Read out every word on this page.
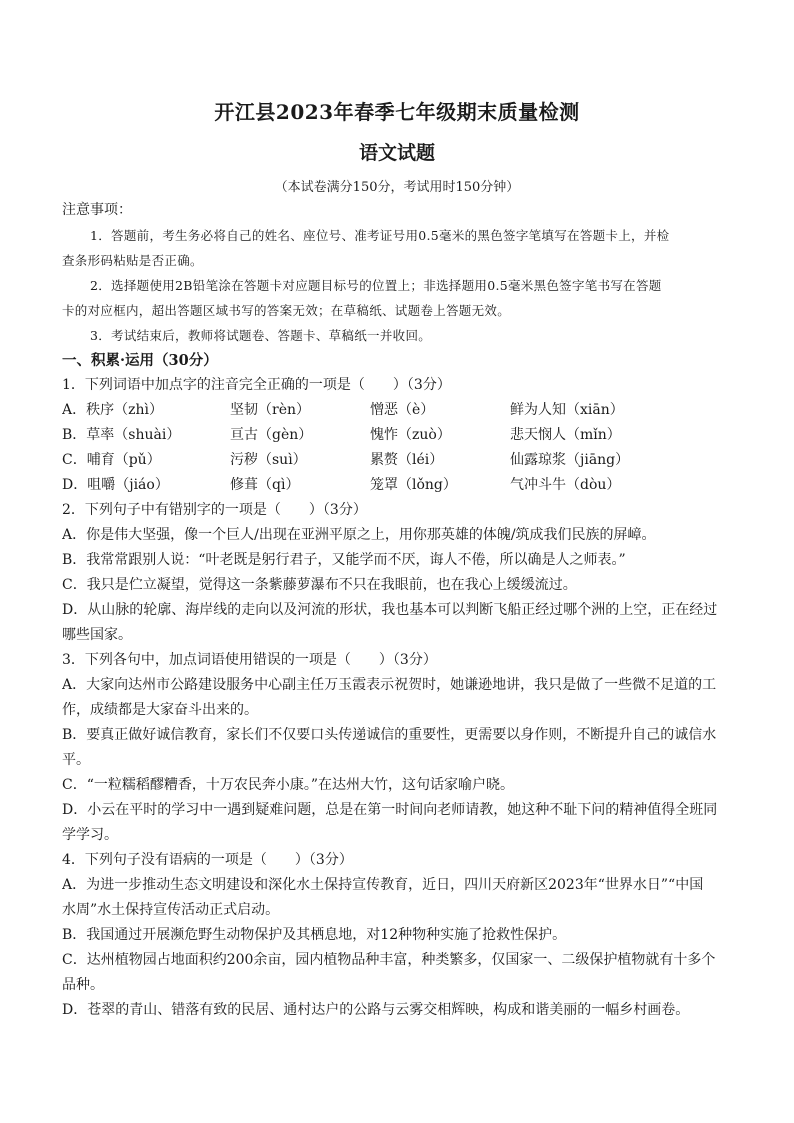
开江县2023年春季七年级期末质量检测
语文试题
（本试卷满分150分，考试用时150分钟）
注意事项：
1．答题前，考生务必将自己的姓名、座位号、准考证号用0.5毫米的黑色签字笔填写在答题卡上，并检
查条形码粘贴是否正确。
2．选择题使用2B铅笔涂在答题卡对应题目标号的位置上；非选择题用0.5毫米黑色签字笔书写在答题
卡的对应框内，超出答题区域书写的答案无效；在草稿纸、试题卷上答题无效。
3．考试结束后，教师将试题卷、答题卡、草稿纸一并收回。
一、积累·运用（30分）
1．下列词语中加点字的注音完全正确的一项是（　　）（3分）
A．秩序（zhì）	坚韧（rèn）	憎恶（è）	鲜为人知（xiān）
B．草率（shuài）	亘古（gèn）	愧怍（zuò）	悲天悯人（mǐn）
C．哺育（pǔ）	污秽（suì）	累赘（léi）	仙露琼浆（jiāng）
D．咀嚼（jiáo）	修葺（qì）	笼罩（lǒng）	气冲斗牛（dòu）
2．下列句子中有错别字的一项是（　　）（3分）
A．你是伟大坚强，像一个巨人/出现在亚洲平原之上，用你那英雄的体魄/筑成我们民族的屏嶂。
B．我常常跟别人说：“叶老既是躬行君子，又能学而不厌，诲人不倦，所以确是人之师表。”
C．我只是伫立凝望，觉得这一条紫藤萝瀑布不只在我眼前，也在我心上缓缓流过。
D．从山脉的轮廓、海岸线的走向以及河流的形状，我也基本可以判断飞船正经过哪个洲的上空，正在经过
哪些国家。
3．下列各句中，加点词语使用错误的一项是（　　）（3分）
A．大家向达州市公路建设服务中心副主任万玉霞表示祝贺时，她谦逊地讲，我只是做了一些微不足道的工
作，成绩都是大家奋斗出来的。
B．要真正做好诚信教育，家长们不仅要口头传递诚信的重要性，更需要以身作则，不断提升自己的诚信水
平。
C．“一粒糯稻醪糟香，十万农民奔小康。”在达州大竹，这句话家喻户晓。
D．小云在平时的学习中一遇到疑难问题，总是在第一时间向老师请教，她这种不耻下问的精神值得全班同
学学习。
4．下列句子没有语病的一项是（　　）（3分）
A．为进一步推动生态文明建设和深化水土保持宣传教育，近日，四川天府新区2023年“世界水日”“中国
水周”水土保持宣传活动正式启动。
B．我国通过开展濒危野生动物保护及其栖息地，对12种物种实施了抢救性保护。
C．达州植物园占地面积约200余亩，园内植物品种丰富，种类繁多，仅国家一、二级保护植物就有十多个
品种。
D．苍翠的青山、错落有致的民居、通村达户的公路与云雾交相辉映，构成和谐美丽的一幅乡村画卷。
